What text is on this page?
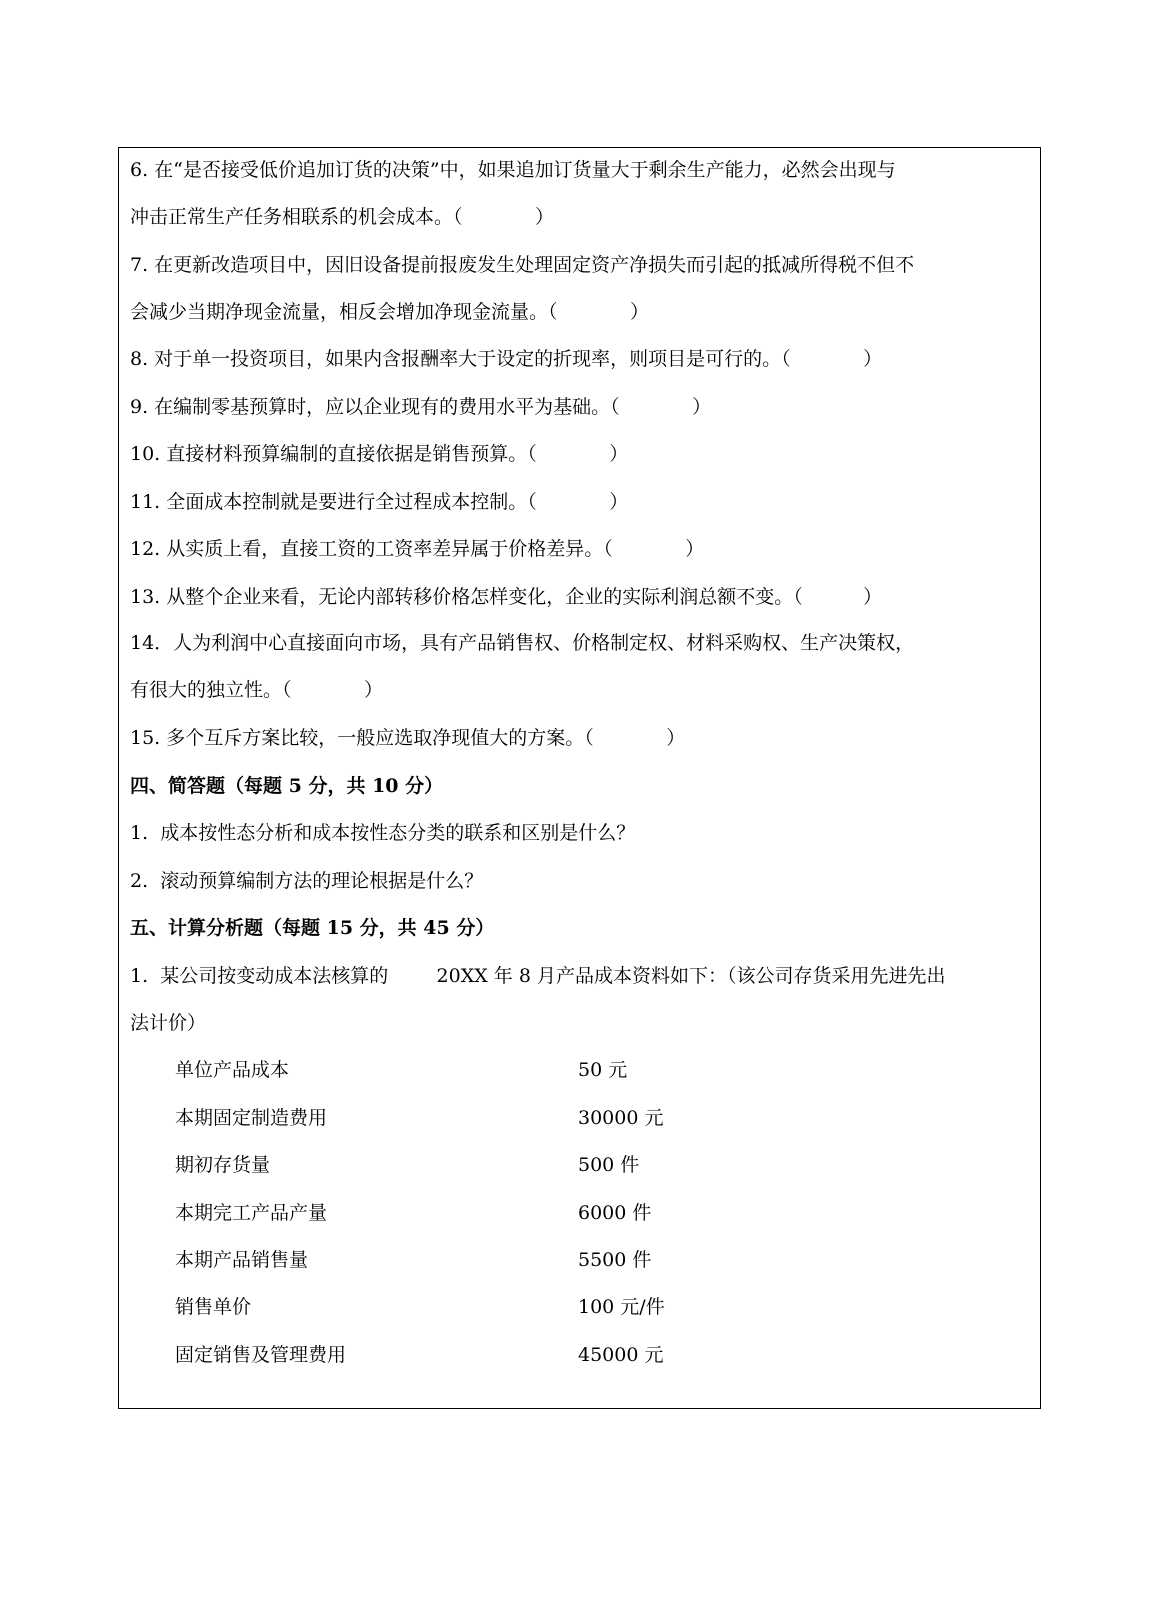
6. 在“是否接受低价追加订货的决策”中，如果追加订货量大于剩余生产能力，必然会出现与
冲击正常生产任务相联系的机会成本。（            ）
7. 在更新改造项目中，因旧设备提前报废发生处理固定资产净损失而引起的抵减所得税不但不
会减少当期净现金流量，相反会增加净现金流量。（            ）
8. 对于单一投资项目，如果内含报酬率大于设定的折现率，则项目是可行的。（            ）
9. 在编制零基预算时，应以企业现有的费用水平为基础。（            ）
10. 直接材料预算编制的直接依据是销售预算。（            ）
11. 全面成本控制就是要进行全过程成本控制。（            ）
12. 从实质上看，直接工资的工资率差异属于价格差异。（            ）
13. 从整个企业来看，无论内部转移价格怎样变化，企业的实际利润总额不变。（          ）
14．人为利润中心直接面向市场，具有产品销售权、价格制定权、材料采购权、生产决策权，
有很大的独立性。（            ）
15. 多个互斥方案比较，一般应选取净现值大的方案。（            ）
四、简答题（每题 5 分，共 10 分）
1.  成本按性态分析和成本按性态分类的联系和区别是什么？
2.  滚动预算编制方法的理论根据是什么？
五、计算分析题（每题 15 分，共 45 分）
1.  某公司按变动成本法核算的        20XX 年 8 月产品成本资料如下：（该公司存货采用先进先出
法计价）
单位产品成本	50 元
本期固定制造费用	30000 元
期初存货量	500 件
本期完工产品产量	6000 件
本期产品销售量	5500 件
销售单价	100 元/件
固定销售及管理费用	45000 元
